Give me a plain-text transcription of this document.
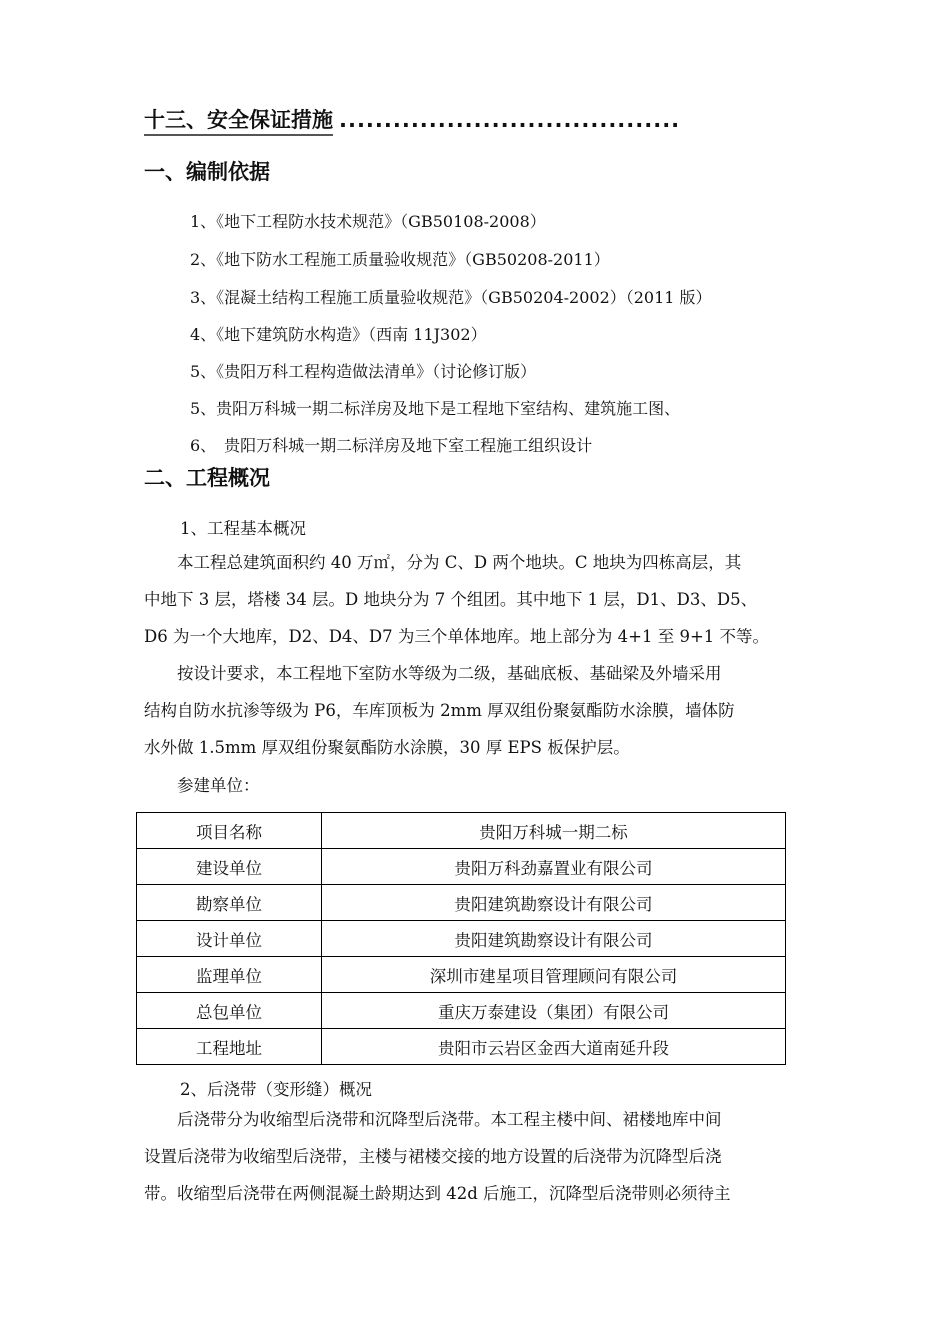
十三、安全保证措施 ......................................
一、编制依据
1、《地下工程防水技术规范》（GB50108-2008）
2、《地下防水工程施工质量验收规范》（GB50208-2011）
3、《混凝土结构工程施工质量验收规范》（GB50204-2002）（2011 版）
4、《地下建筑防水构造》（西南 11J302）
5、《贵阳万科工程构造做法清单》（讨论修订版）
5、贵阳万科城一期二标洋房及地下是工程地下室结构、建筑施工图、
6、　贵阳万科城一期二标洋房及地下室工程施工组织设计
二、工程概况
1、工程基本概况
　　本工程总建筑面积约 40 万㎡，分为 C、D 两个地块。C 地块为四栋高层，其
中地下 3 层，塔楼 34 层。D 地块分为 7 个组团。其中地下 1 层，D1、D3、D5、
D6 为一个大地库，D2、D4、D7 为三个单体地库。地上部分为 4+1 至 9+1 不等。
　　按设计要求，本工程地下室防水等级为二级，基础底板、基础梁及外墙采用
结构自防水抗渗等级为 P6，车库顶板为 2mm 厚双组份聚氨酯防水涂膜，墙体防
水外做 1.5mm 厚双组份聚氨酯防水涂膜，30 厚 EPS 板保护层。
　　参建单位：
项目名称	贵阳万科城一期二标
建设单位	贵阳万科劲嘉置业有限公司
勘察单位	贵阳建筑勘察设计有限公司
设计单位	贵阳建筑勘察设计有限公司
监理单位	深圳市建星项目管理顾问有限公司
总包单位	重庆万泰建设（集团）有限公司
工程地址	贵阳市云岩区金西大道南延升段
2、后浇带（变形缝）概况
　　后浇带分为收缩型后浇带和沉降型后浇带。本工程主楼中间、裙楼地库中间
设置后浇带为收缩型后浇带，主楼与裙楼交接的地方设置的后浇带为沉降型后浇
带。收缩型后浇带在两侧混凝土龄期达到 42d 后施工，沉降型后浇带则必须待主
